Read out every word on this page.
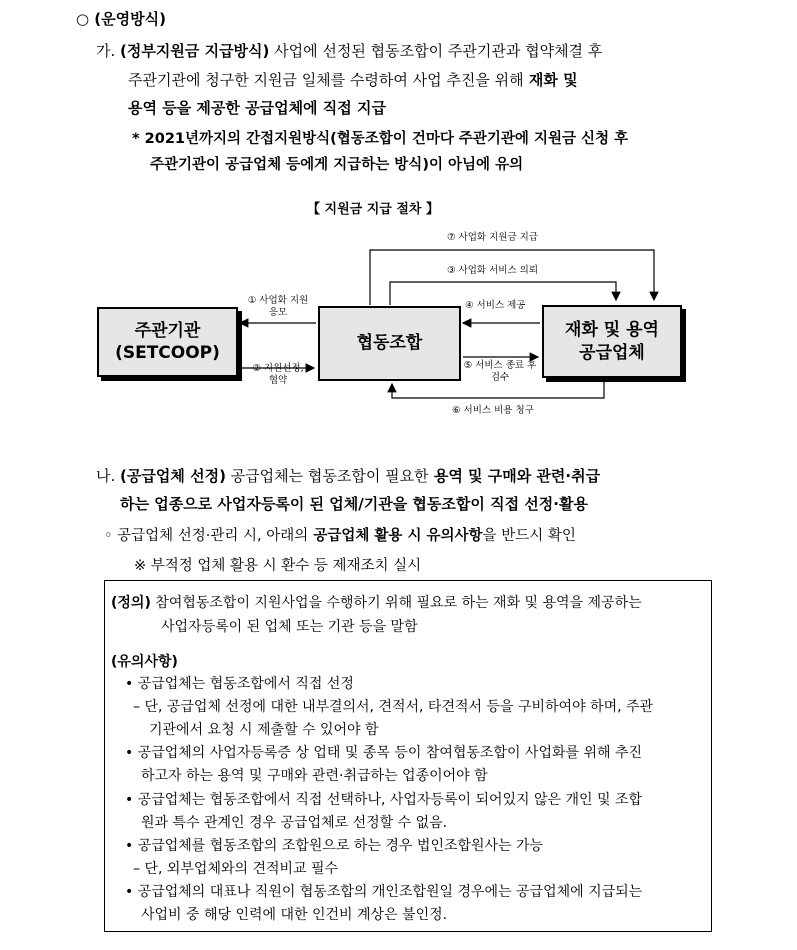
○ (운영방식)
가. (정부지원금 지급방식) 사업에 선정된 협동조합이 주관기관과 협약체결 후
주관기관에 청구한 지원금 일체를 수령하여 사업 추진을 위해 재화 및
용역 등을 제공한 공급업체에 직접 지급
* 2021년까지의 간접지원방식(협동조합이 건마다 주관기관에 지원금 신청 후
주관기관이 공급업체 등에게 지급하는 방식)이 아님에 유의
【 지원금 지급 절차 】
주관기관
(SETCOOP)	협동조합
재화 및 용역
공급업체
① 사업화 지원
응모
② 지원선정,
협약
⑦ 사업화 지원금 지급
③ 사업화 서비스 의뢰
④ 서비스 제공
⑤ 서비스 종료 후
검수
⑥ 서비스 비용 청구
나. (공급업체 선정) 공급업체는 협동조합이 필요한 용역 및 구매와 관련·취급
하는 업종으로 사업자등록이 된 업체/기관을 협동조합이 직접 선정·활용
◦ 공급업체 선정·관리 시, 아래의 공급업체 활용 시 유의사항을 반드시 확인
※ 부적정 업체 활용 시 환수 등 제재조치 실시
(정의) 참여협동조합이 지원사업을 수행하기 위해 필요로 하는 재화 및 용역을 제공하는
사업자등록이 된 업체 또는 기관 등을 말함
(유의사항)
• 공급업체는 협동조합에서 직접 선정
– 단, 공급업체 선정에 대한 내부결의서, 견적서, 타견적서 등을 구비하여야 하며, 주관
기관에서 요청 시 제출할 수 있어야 함
• 공급업체의 사업자등록증 상 업태 및 종목 등이 참여협동조합이 사업화를 위해 추진
하고자 하는 용역 및 구매와 관련·취급하는 업종이어야 함
• 공급업체는 협동조합에서 직접 선택하나, 사업자등록이 되어있지 않은 개인 및 조합
원과 특수 관계인 경우 공급업체로 선정할 수 없음.
• 공급업체를 협동조합의 조합원으로 하는 경우 법인조합원사는 가능
– 단, 외부업체와의 견적비교 필수
• 공급업체의 대표나 직원이 협동조합의 개인조합원일 경우에는 공급업체에 지급되는
사업비 중 해당 인력에 대한 인건비 계상은 불인정.
